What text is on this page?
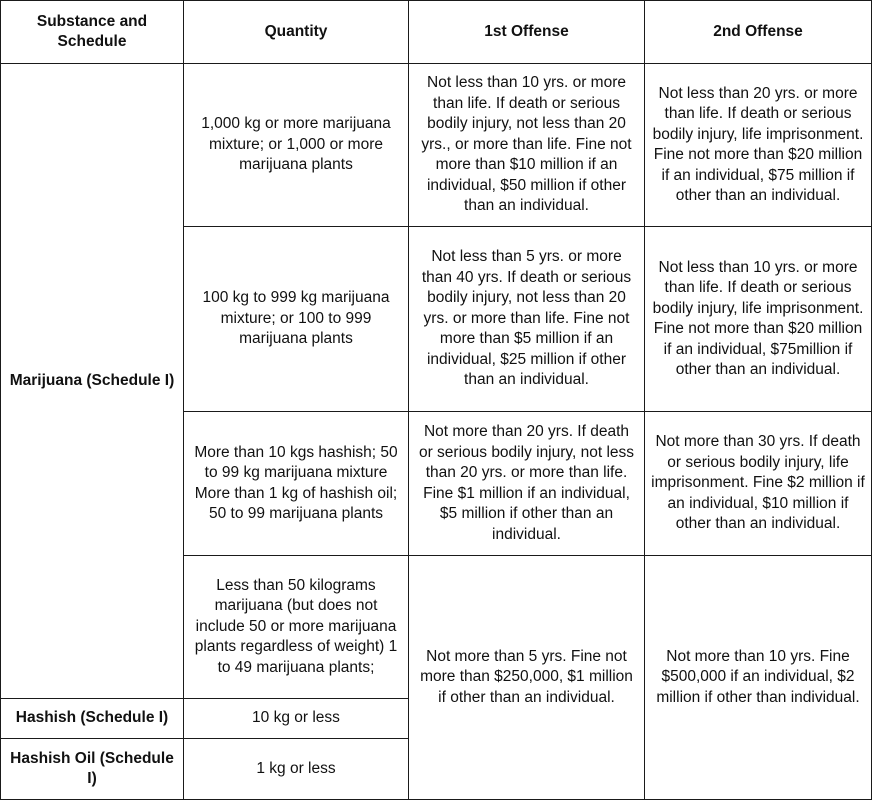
Substance and Schedule	Quantity	1st Offense	2nd Offense
Marijuana (Schedule I)	1,000 kg or more marijuana mixture; or 1,000 or more marijuana plants	Not less than 10 yrs. or more than life. If death or serious bodily injury, not less than 20 yrs., or more than life. Fine not more than $10 million if an individual, $50 million if other than an individual.	Not less than 20 yrs. or more than life. If death or serious bodily injury, life imprisonment. Fine not more than $20 million if an individual, $75 million if other than an individual.
	100 kg to 999 kg marijuana mixture; or 100 to 999 marijuana plants	Not less than 5 yrs. or more than 40 yrs. If death or serious bodily injury, not less than 20 yrs. or more than life. Fine not more than $5 million if an individual, $25 million if other than an individual.	Not less than 10 yrs. or more than life. If death or serious bodily injury, life imprisonment. Fine not more than $20 million if an individual, $75million if other than an individual.
	More than 10 kgs hashish; 50 to 99 kg marijuana mixture More than 1 kg of hashish oil; 50 to 99 marijuana plants	Not more than 20 yrs. If death or serious bodily injury, not less than 20 yrs. or more than life. Fine $1 million if an individual, $5 million if other than an individual.	Not more than 30 yrs. If death or serious bodily injury, life imprisonment. Fine $2 million if an individual, $10 million if other than an individual.
	Less than 50 kilograms marijuana (but does not include 50 or more marijuana plants regardless of weight) 1 to 49 marijuana plants;	Not more than 5 yrs. Fine not more than $250,000, $1 million if other than an individual.	Not more than 10 yrs. Fine $500,000 if an individual, $2 million if other than individual.
Hashish (Schedule I)	10 kg or less		
Hashish Oil (Schedule I)	1 kg or less		
